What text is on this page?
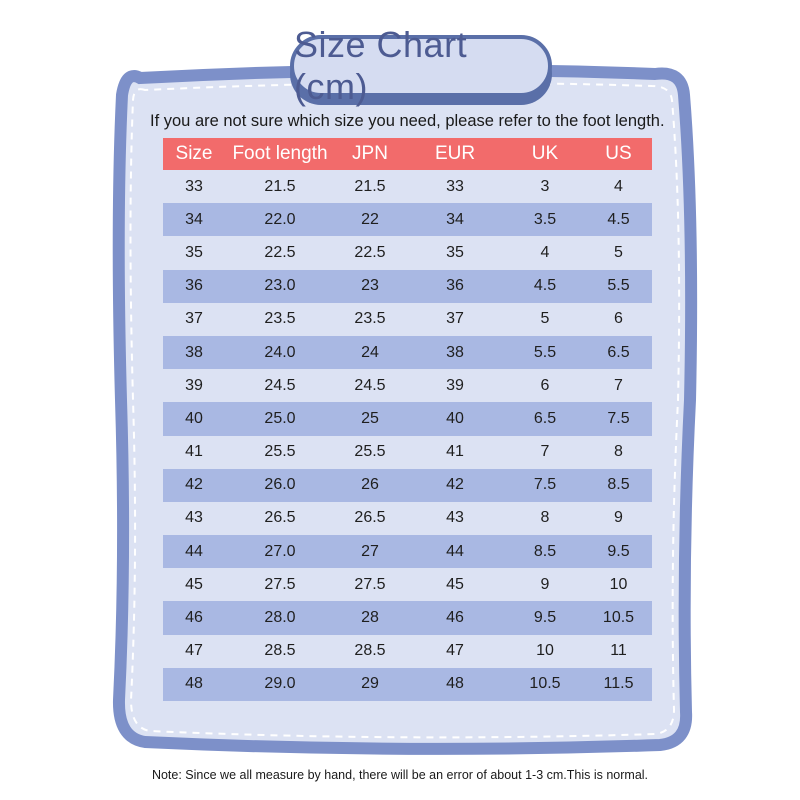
Size Chart (cm)
If you are not sure which size you need, please refer to the foot length.
Size	Foot length	JPN	EUR	UK	US
33	21.5	21.5	33	3	4
34	22.0	22	34	3.5	4.5
35	22.5	22.5	35	4	5
36	23.0	23	36	4.5	5.5
37	23.5	23.5	37	5	6
38	24.0	24	38	5.5	6.5
39	24.5	24.5	39	6	7
40	25.0	25	40	6.5	7.5
41	25.5	25.5	41	7	8
42	26.0	26	42	7.5	8.5
43	26.5	26.5	43	8	9
44	27.0	27	44	8.5	9.5
45	27.5	27.5	45	9	10
46	28.0	28	46	9.5	10.5
47	28.5	28.5	47	10	11
48	29.0	29	48	10.5	11.5
Note: Since we all measure by hand, there will be an error of about 1-3 cm.This is normal.
